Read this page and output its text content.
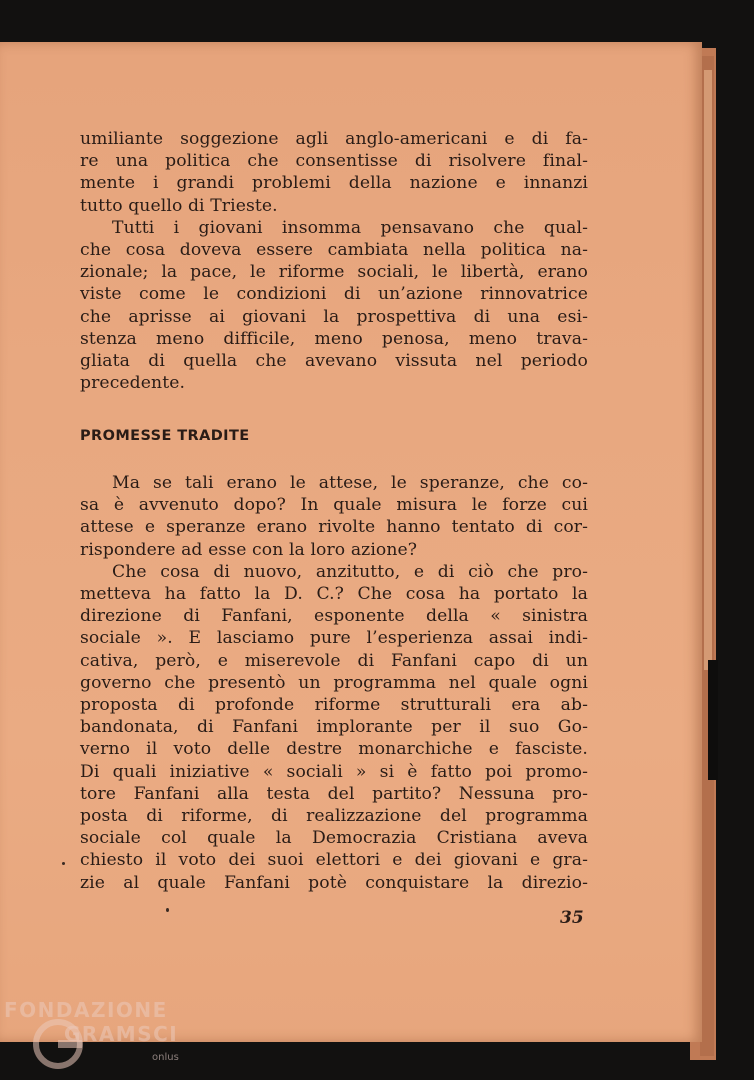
umiliante soggezione agli anglo-americani e di fa-
re una politica che consentisse di risolvere final-
mente i grandi problemi della nazione e innanzi
tutto quello di Trieste.
Tutti i giovani insomma pensavano che qual-
che cosa doveva essere cambiata nella politica na-
zionale; la pace, le riforme sociali, le libertà, erano
viste come le condizioni di un’azione rinnovatrice
che aprisse ai giovani la prospettiva di una esi-
stenza meno difficile, meno penosa, meno trava-
gliata di quella che avevano vissuta nel periodo
precedente.
PROMESSE TRADITE
Ma se tali erano le attese, le speranze, che co-
sa è avvenuto dopo? In quale misura le forze cui
attese e speranze erano rivolte hanno tentato di cor-
rispondere ad esse con la loro azione?
Che cosa di nuovo, anzitutto, e di ciò che pro-
metteva ha fatto la D. C.? Che cosa ha portato la
direzione di Fanfani, esponente della « sinistra
sociale ». E lasciamo pure l’esperienza assai indi-
cativa, però, e miserevole di Fanfani capo di un
governo che presentò un programma nel quale ogni
proposta di profonde riforme strutturali era ab-
bandonata, di Fanfani implorante per il suo Go-
verno il voto delle destre monarchiche e fasciste.
Di quali iniziative « sociali » si è fatto poi promo-
tore Fanfani alla testa del partito? Nessuna pro-
posta di riforme, di realizzazione del programma
sociale col quale la Democrazia Cristiana aveva
chiesto il voto dei suoi elettori e dei giovani e gra-
zie al quale Fanfani potè conquistare la direzio-
35
FONDAZIONE
GRAMSCI
onlus
